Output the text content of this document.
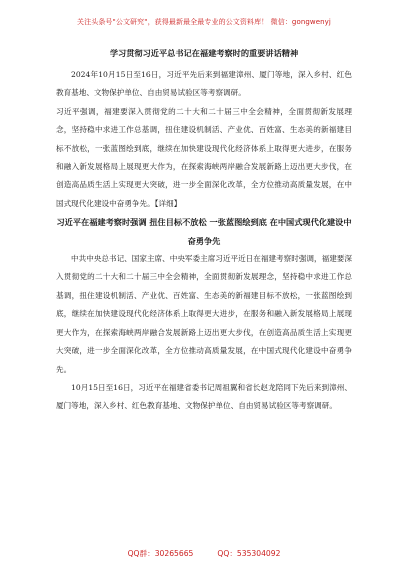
关注头条号"公文研究"，获得最新最全最专业的公文资料库！ 微信：gongwenyj
学习贯彻习近平总书记在福建考察时的重要讲话精神

2024年10月15日至16日，习近平先后来到福建漳州、厦门等地，深入乡村、红色教育基地、文物保护单位、自由贸易试验区等考察调研。

习近平强调，福建要深入贯彻党的二十大和二十届三中全会精神，全面贯彻新发展理念，坚持稳中求进工作总基调，扭住建设机制活、产业优、百姓富、生态美的新福建目标不放松，一张蓝图绘到底，继续在加快建设现代化经济体系上取得更大进步，在服务和融入新发展格局上展现更大作为，在探索海峡两岸融合发展新路上迈出更大步伐，在创造高品质生活上实现更大突破，进一步全面深化改革，全方位推动高质量发展，在中国式现代化建设中奋勇争先。【详细】

习近平在福建考察时强调 扭住目标不放松 一张蓝图绘到底 在中国式现代化建设中奋勇争先

中共中央总书记、国家主席、中央军委主席习近平近日在福建考察时强调，福建要深入贯彻党的二十大和二十届三中全会精神，全面贯彻新发展理念，坚持稳中求进工作总基调，扭住建设机制活、产业优、百姓富、生态美的新福建目标不放松，一张蓝图绘到底，继续在加快建设现代化经济体系上取得更大进步，在服务和融入新发展格局上展现更大作为，在探索海峡两岸融合发展新路上迈出更大步伐，在创造高品质生活上实现更大突破，进一步全面深化改革，全方位推动高质量发展，在中国式现代化建设中奋勇争先。

10月15日至16日，习近平在福建省委书记周祖翼和省长赵龙陪同下先后来到漳州、厦门等地，深入乡村、红色教育基地、文物保护单位、自由贸易试验区等考察调研。

QQ群：30265665	QQ：535304092
